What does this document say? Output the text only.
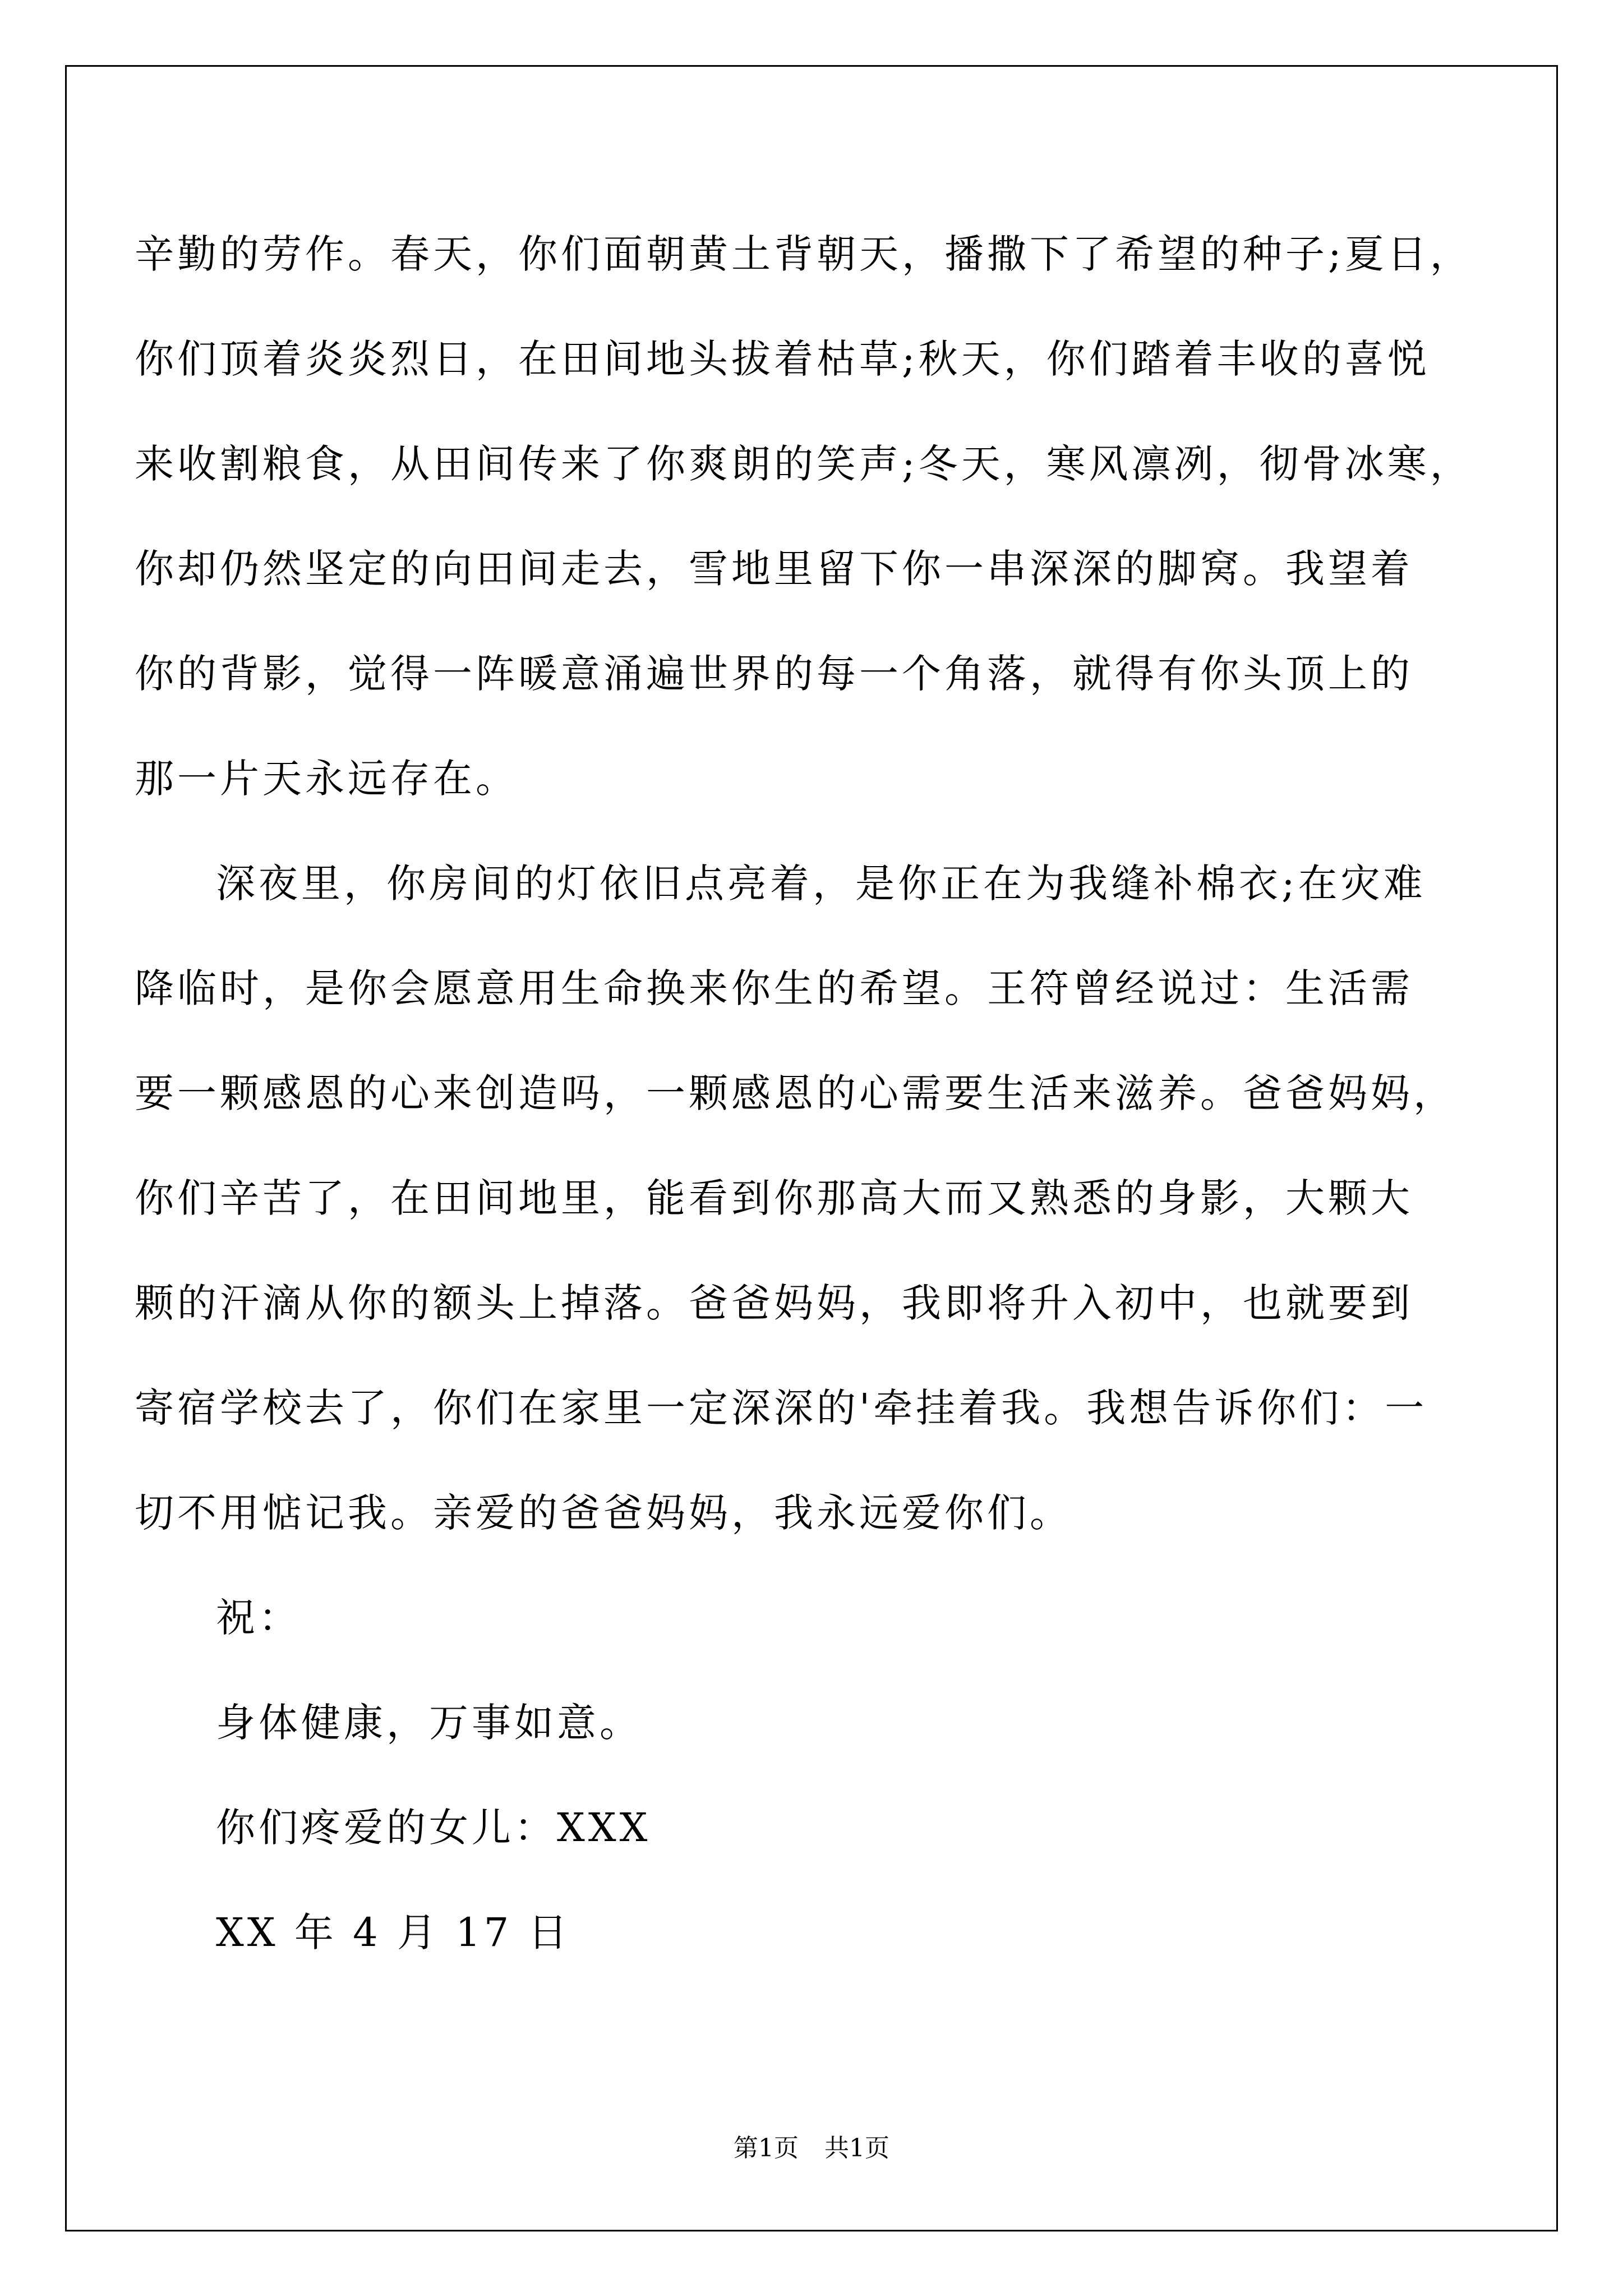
辛勤的劳作。春天，你们面朝黄土背朝天，播撒下了希望的种子;夏日，
你们顶着炎炎烈日，在田间地头拔着枯草;秋天，你们踏着丰收的喜悦
来收割粮食，从田间传来了你爽朗的笑声;冬天，寒风凛冽，彻骨冰寒，
你却仍然坚定的向田间走去，雪地里留下你一串深深的脚窝。我望着
你的背影，觉得一阵暖意涌遍世界的每一个角落，就得有你头顶上的
那一片天永远存在。
深夜里，你房间的灯依旧点亮着，是你正在为我缝补棉衣;在灾难
降临时，是你会愿意用生命换来你生的希望。王符曾经说过：生活需
要一颗感恩的心来创造吗，一颗感恩的心需要生活来滋养。爸爸妈妈，
你们辛苦了，在田间地里，能看到你那高大而又熟悉的身影，大颗大
颗的汗滴从你的额头上掉落。爸爸妈妈，我即将升入初中，也就要到
寄宿学校去了，你们在家里一定深深的'牵挂着我。我想告诉你们：一
切不用惦记我。亲爱的爸爸妈妈，我永远爱你们。
祝：
身体健康，万事如意。
你们疼爱的女儿：XXX
XX 年 4 月 17 日
第1页 共1页
